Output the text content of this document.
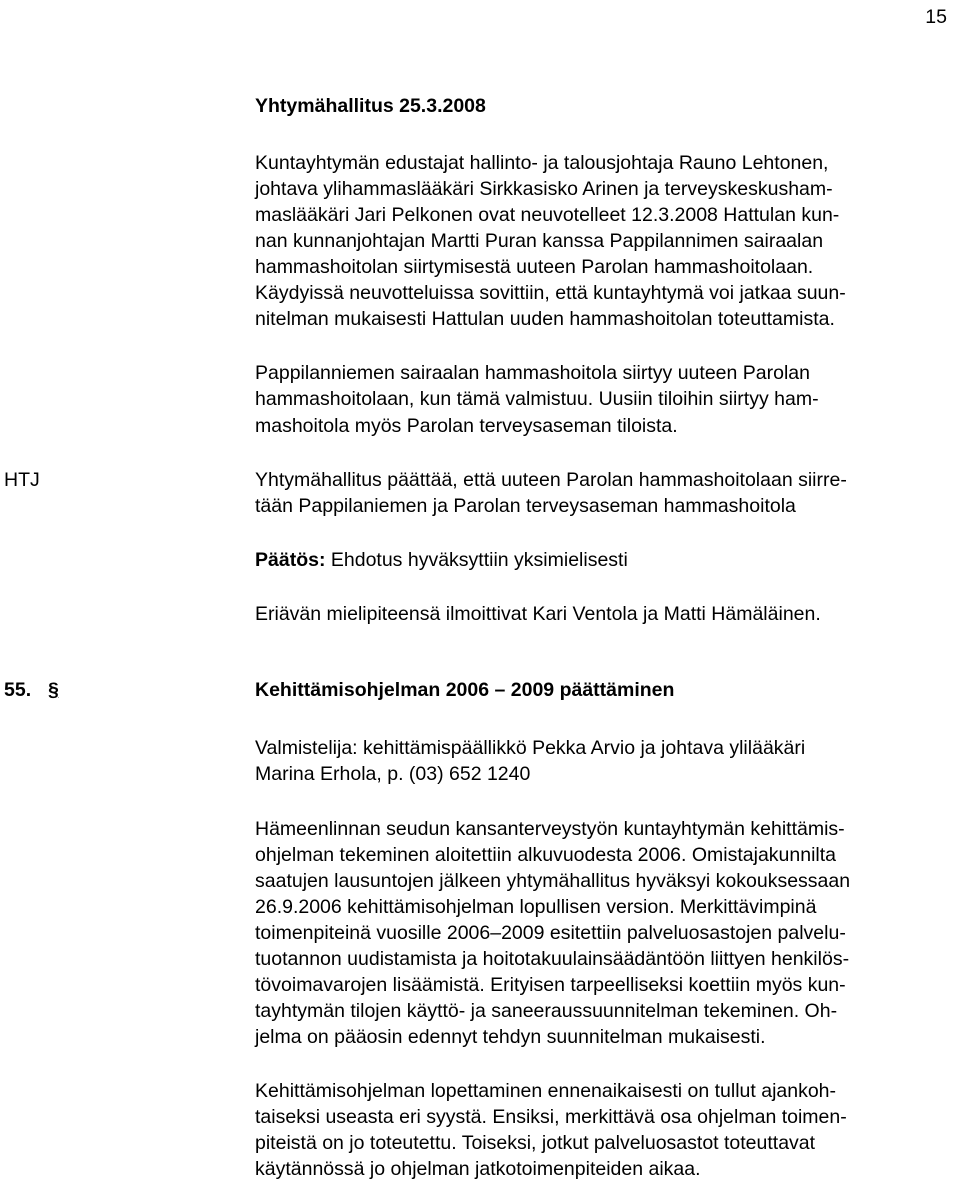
15
Yhtymähallitus 25.3.2008
Kuntayhtymän edustajat hallinto- ja talousjohtaja Rauno Lehtonen,
johtava ylihammaslääkäri Sirkkasisko Arinen ja terveyskeskusham-
maslääkäri Jari Pelkonen ovat neuvotelleet 12.3.2008 Hattulan kun-
nan kunnanjohtajan Martti Puran kanssa Pappilannimen sairaalan
hammashoitolan siirtymisestä uuteen Parolan hammashoitolaan.
Käydyissä neuvotteluissa sovittiin, että kuntayhtymä voi jatkaa suun-
nitelman mukaisesti Hattulan uuden hammashoitolan toteuttamista.
Pappilanniemen sairaalan hammashoitola siirtyy uuteen Parolan
hammashoitolaan, kun tämä valmistuu. Uusiin tiloihin siirtyy ham-
mashoitola myös Parolan terveysaseman tiloista.
HTJ	Yhtymähallitus päättää, että uuteen Parolan hammashoitolaan siirre-
tään Pappilaniemen ja Parolan terveysaseman hammashoitola
Päätös: Ehdotus hyväksyttiin yksimielisesti
Eriävän mielipiteensä ilmoittivat Kari Ventola ja Matti Hämäläinen.
55. §	Kehittämisohjelman 2006 – 2009 päättäminen
Valmistelija: kehittämispäällikkö Pekka Arvio ja johtava ylilääkäri
Marina Erhola, p. (03) 652 1240
Hämeenlinnan seudun kansanterveystyön kuntayhtymän kehittämis-
ohjelman tekeminen aloitettiin alkuvuodesta 2006. Omistajakunnilta
saatujen lausuntojen jälkeen yhtymähallitus hyväksyi kokouksessaan
26.9.2006 kehittämisohjelman lopullisen version. Merkittävimpinä
toimenpiteinä vuosille 2006–2009 esitettiin palveluosastojen palvelu-
tuotannon uudistamista ja hoitotakuulainsäädäntöön liittyen henkilös-
tövoimavarojen lisäämistä. Erityisen tarpeelliseksi koettiin myös kun-
tayhtymän tilojen käyttö- ja saneeraussuunnitelman tekeminen. Oh-
jelma on pääosin edennyt tehdyn suunnitelman mukaisesti.
Kehittämisohjelman lopettaminen ennenaikaisesti on tullut ajankoh-
taiseksi useasta eri syystä. Ensiksi, merkittävä osa ohjelman toimen-
piteistä on jo toteutettu. Toiseksi, jotkut palveluosastot toteuttavat
käytännössä jo ohjelman jatkotoimenpiteiden aikaa.
